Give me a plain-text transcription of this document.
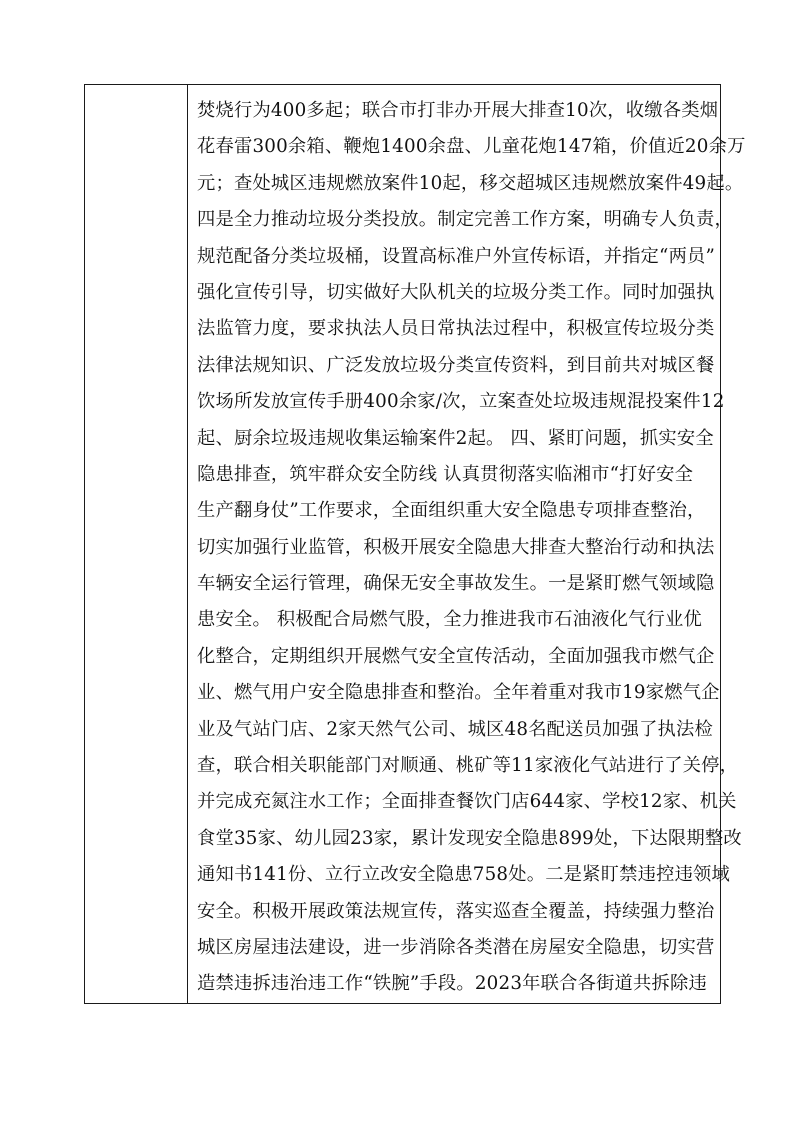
焚烧行为400多起；联合市打非办开展大排查10次，收缴各类烟
花春雷300余箱、鞭炮1400余盘、儿童花炮147箱，价值近20余万
元；查处城区违规燃放案件10起，移交超城区违规燃放案件49起。
四是全力推动垃圾分类投放。制定完善工作方案，明确专人负责，
规范配备分类垃圾桶，设置高标准户外宣传标语，并指定“两员”
强化宣传引导，切实做好大队机关的垃圾分类工作。同时加强执
法监管力度，要求执法人员日常执法过程中，积极宣传垃圾分类
法律法规知识、广泛发放垃圾分类宣传资料，到目前共对城区餐
饮场所发放宣传手册400余家/次，立案查处垃圾违规混投案件12
起、厨余垃圾违规收集运输案件2起。 四、紧盯问题，抓实安全
隐患排查，筑牢群众安全防线 认真贯彻落实临湘市“打好安全
生产翻身仗”工作要求，全面组织重大安全隐患专项排查整治，
切实加强行业监管，积极开展安全隐患大排查大整治行动和执法
车辆安全运行管理，确保无安全事故发生。一是紧盯燃气领域隐
患安全。 积极配合局燃气股，全力推进我市石油液化气行业优
化整合，定期组织开展燃气安全宣传活动，全面加强我市燃气企
业、燃气用户安全隐患排查和整治。全年着重对我市19家燃气企
业及气站门店、2家天然气公司、城区48名配送员加强了执法检
查，联合相关职能部门对顺通、桃矿等11家液化气站进行了关停，
并完成充氮注水工作；全面排查餐饮门店644家、学校12家、机关
食堂35家、幼儿园23家，累计发现安全隐患899处，下达限期整改
通知书141份、立行立改安全隐患758处。二是紧盯禁违控违领域
安全。积极开展政策法规宣传，落实巡查全覆盖，持续强力整治
城区房屋违法建设，进一步消除各类潜在房屋安全隐患，切实营
造禁违拆违治违工作“铁腕”手段。2023年联合各街道共拆除违
